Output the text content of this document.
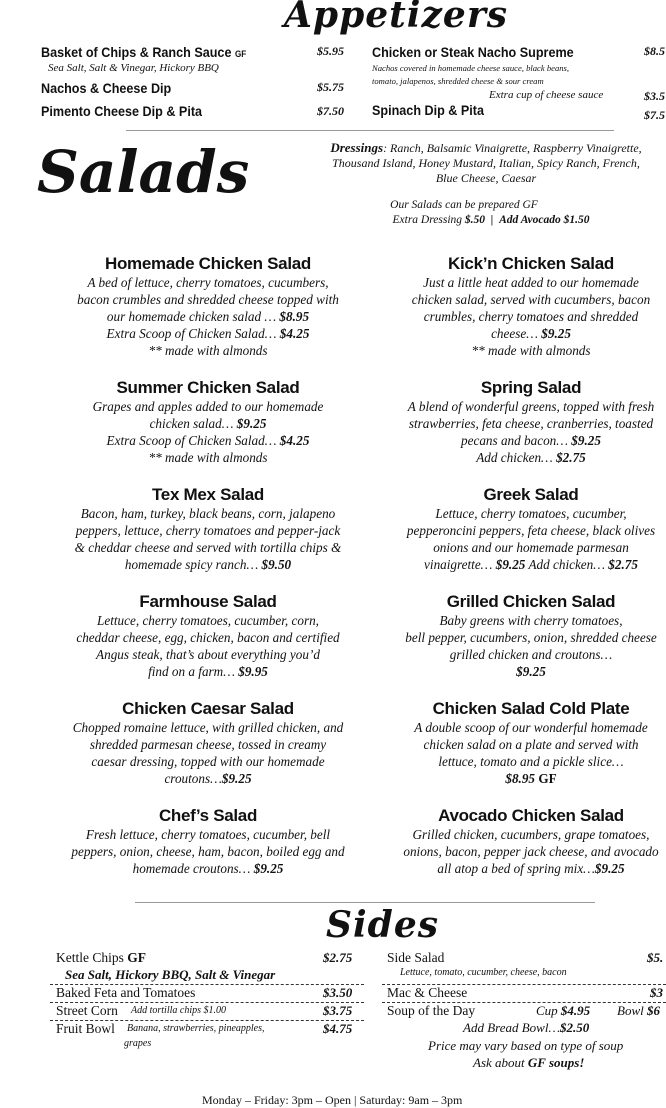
Appetizers
Basket of Chips & Ranch Sauce GF
Sea Salt, Salt & Vinegar, Hickory BBQ
$5.95
Nachos & Cheese Dip	$5.75
Pimento Cheese Dip & Pita	$7.50
Chicken or Steak Nacho Supreme	$8.5
Nachos covered in homemade cheese sauce, black beans,
tomato, jalapenos, shredded cheese & sour cream
Extra cup of cheese sauce	$3.5
Spinach Dip & Pita	$7.5
Salads	Dressings: Ranch, Balsamic Vinaigrette, Raspberry Vinaigrette,
Thousand Island, Honey Mustard, Italian, Spicy Ranch, French,
Blue Cheese, Caesar
Our Salads can be prepared GF
Extra Dressing $.50 | Add Avocado $1.50
Homemade Chicken Salad
A bed of lettuce, cherry tomatoes, cucumbers,
bacon crumbles and shredded cheese topped with
our homemade chicken salad … $8.95
Extra Scoop of Chicken Salad… $4.25
** made with almonds
Summer Chicken Salad
Grapes and apples added to our homemade
chicken salad… $9.25
Extra Scoop of Chicken Salad… $4.25
** made with almonds
Tex Mex Salad
Bacon, ham, turkey, black beans, corn, jalapeno
peppers, lettuce, cherry tomatoes and pepper-jack
& cheddar cheese and served with tortilla chips &
homemade spicy ranch… $9.50
Farmhouse Salad
Lettuce, cherry tomatoes, cucumber, corn,
cheddar cheese, egg, chicken, bacon and certified
Angus steak, that’s about everything you’d
find on a farm… $9.95
Chicken Caesar Salad
Chopped romaine lettuce, with grilled chicken, and
shredded parmesan cheese, tossed in creamy
caesar dressing, topped with our homemade
croutons…$9.25
Chef’s Salad
Fresh lettuce, cherry tomatoes, cucumber, bell
peppers, onion, cheese, ham, bacon, boiled egg and
homemade croutons… $9.25
Kick’n Chicken Salad
Just a little heat added to our homemade
chicken salad, served with cucumbers, bacon
crumbles, cherry tomatoes and shredded
cheese… $9.25
** made with almonds
Spring Salad
A blend of wonderful greens, topped with fresh
strawberries, feta cheese, cranberries, toasted
pecans and bacon… $9.25
Add chicken… $2.75
Greek Salad
Lettuce, cherry tomatoes, cucumber,
pepperoncini peppers, feta cheese, black olives
onions and our homemade parmesan
vinaigrette… $9.25 Add chicken… $2.75
Grilled Chicken Salad
Baby greens with cherry tomatoes,
bell pepper, cucumbers, onion, shredded cheese
grilled chicken and croutons…
$9.25
Chicken Salad Cold Plate
A double scoop of our wonderful homemade
chicken salad on a plate and served with
lettuce, tomato and a pickle slice…
$8.95 GF
Avocado Chicken Salad
Grilled chicken, cucumbers, grape tomatoes,
onions, bacon, pepper jack cheese, and avocado
all atop a bed of spring mix…$9.25
Sides
Kettle Chips GF	$2.75
Sea Salt, Hickory BBQ, Salt & Vinegar
Baked Feta and Tomatoes	$3.50
Street Corn Add tortilla chips $1.00	$3.75
Fruit Bowl Banana, strawberries, pineapples,
grapes
$4.75
Side Salad	$5.
Lettuce, tomato, cucumber, cheese, bacon
Mac & Cheese	$3
Soup of the Day	Cup $4.95 Bowl $6
Add Bread Bowl…$2.50
Price may vary based on type of soup
Ask about GF soups!
Monday – Friday: 3pm – Open | Saturday: 9am – 3pm
